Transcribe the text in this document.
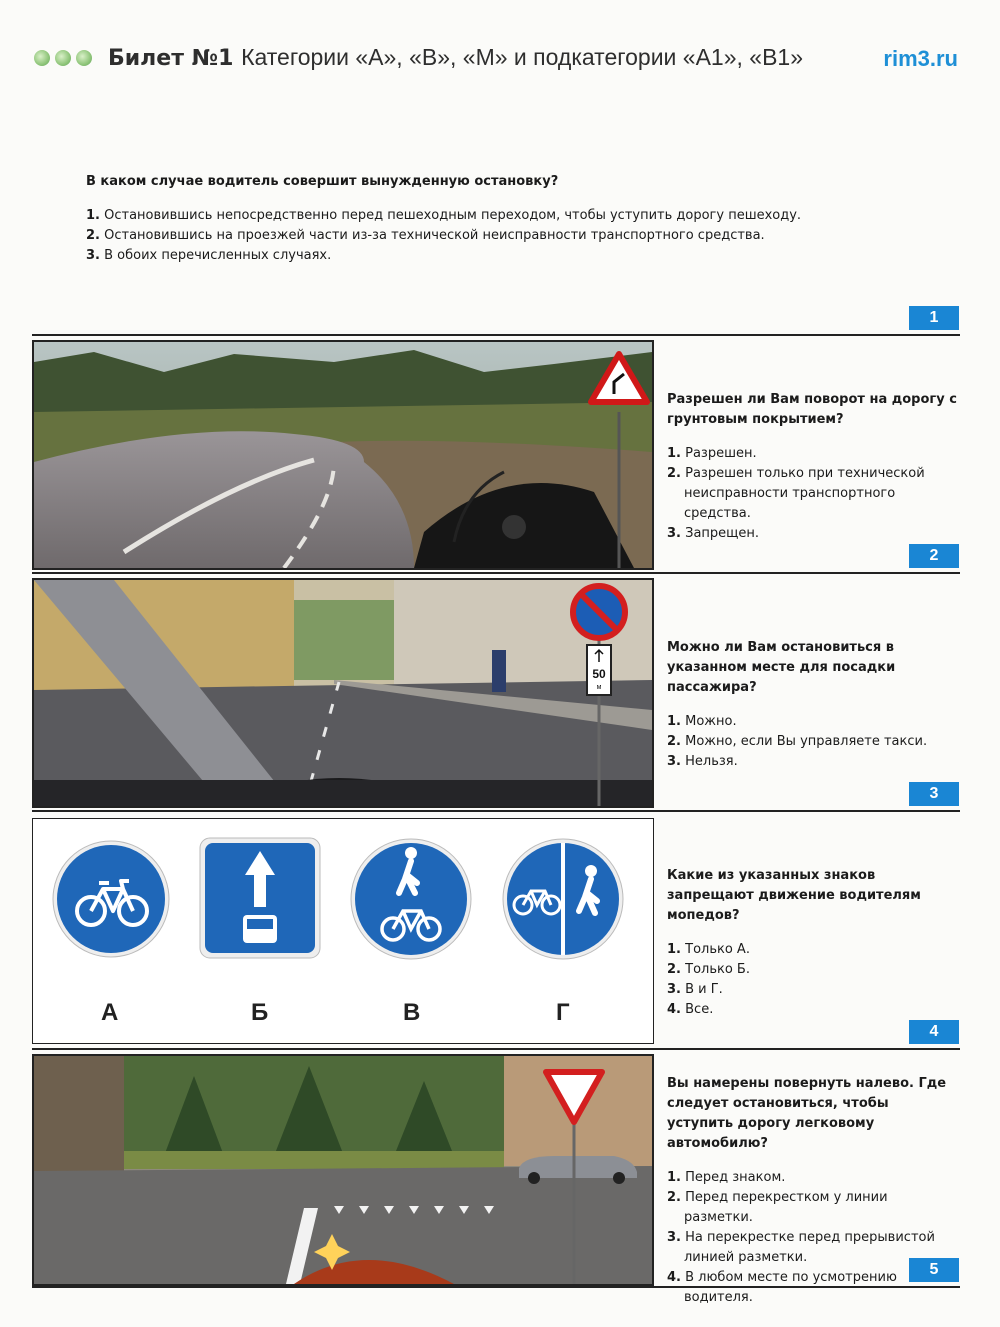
Билет №1 Категории «А», «В», «М» и подкатегории «А1», «В1»	rim3.ru
В каком случае водитель совершит вынужденную остановку?
1. Остановившись непосредственно перед пешеходным переходом, чтобы уступить дорогу пешеходу.
2. Остановившись на проезжей части из-за технической неисправности транспортного средства.
3. В обоих перечисленных случаях.
1
Разрешен ли Вам поворот на дорогу с грунтовым покрытием?
1. Разрешен.
2. Разрешен только при технической неисправности транспортного средства.
3. Запрещен.
2
50
м
Можно ли Вам остановиться в указанном месте для посадки пассажира?
1. Можно.
2. Можно, если Вы управляете такси.
3. Нельзя.
3
А	Б	В	Г
Какие из указанных знаков запрещают движение водителям мопедов?
1. Только А.
2. Только Б.
3. В и Г.
4. Все.
4
Вы намерены повернуть налево. Где следует остановиться, чтобы уступить дорогу легковому автомобилю?
1. Перед знаком.
2. Перед перекрестком у линии разметки.
3. На перекрестке перед прерывистой линией разметки.
4. В любом месте по усмотрению водителя.
5
